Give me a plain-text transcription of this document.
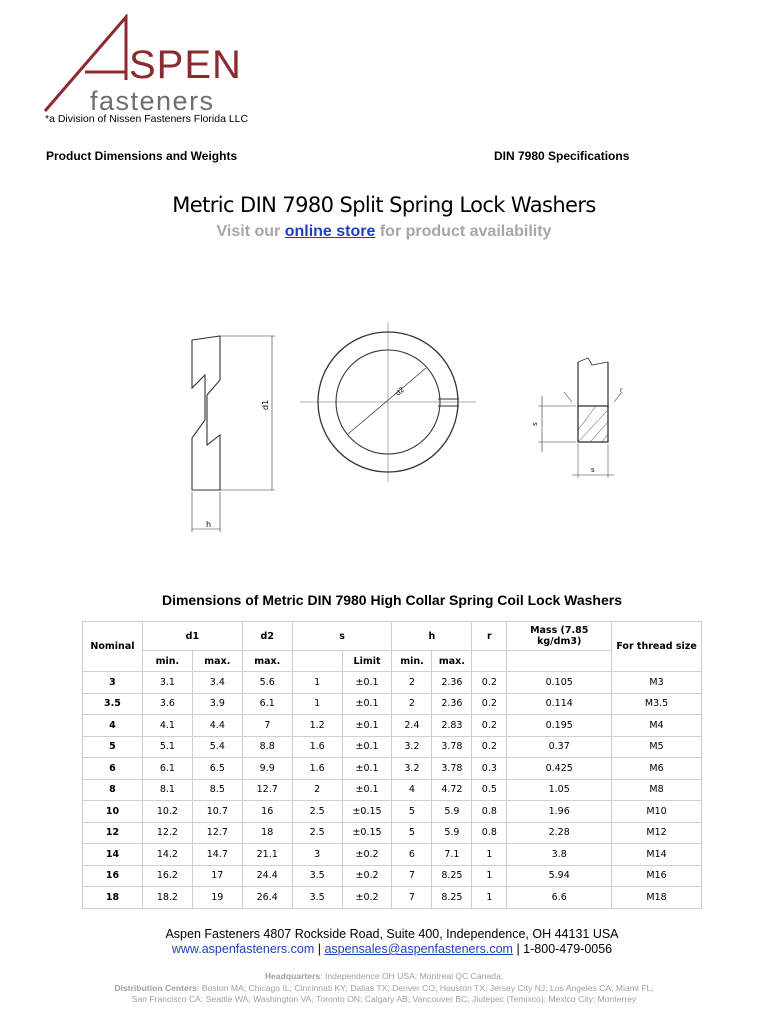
SPEN
fasteners
*a Division of Nissen Fasteners Florida LLC
Product Dimensions and Weights	DIN 7980 Specifications
Metric DIN 7980 Split Spring Lock Washers
Visit our online store for product availability
d1
h
d2
s
s
r
Dimensions of Metric DIN 7980 High Collar Spring Coil Lock Washers
Nominal	d1		d2	s		h		r	Mass (7.85 kg/dm3)	For thread size
	min.	max.	max.		Limit	min.	max.			
3	3.1	3.4	5.6	1	±0.1	2	2.36	0.2	0.105	M3
3.5	3.6	3.9	6.1	1	±0.1	2	2.36	0.2	0.114	M3.5
4	4.1	4.4	7	1.2	±0.1	2.4	2.83	0.2	0.195	M4
5	5.1	5.4	8.8	1.6	±0.1	3.2	3.78	0.2	0.37	M5
6	6.1	6.5	9.9	1.6	±0.1	3.2	3.78	0.3	0.425	M6
8	8.1	8.5	12.7	2	±0.1	4	4.72	0.5	1.05	M8
10	10.2	10.7	16	2.5	±0.15	5	5.9	0.8	1.96	M10
12	12.2	12.7	18	2.5	±0.15	5	5.9	0.8	2.28	M12
14	14.2	14.7	21.1	3	±0.2	6	7.1	1	3.8	M14
16	16.2	17	24.4	3.5	±0.2	7	8.25	1	5.94	M16
18	18.2	19	26.4	3.5	±0.2	7	8.25	1	6.6	M18
Aspen Fasteners 4807 Rockside Road, Suite 400, Independence, OH 44131 USA
www.aspenfasteners.com | aspensales@aspenfasteners.com | 1-800-479-0056
Headquarters: Independence OH USA; Montreal QC Canada;
Distribution Centers: Boston MA; Chicago IL; Cincinnati KY; Dallas TX; Denver CO; Houston TX; Jersey City NJ; Los Angeles CA; Miami FL;
San Francisco CA; Seattle WA; Washington VA; Toronto ON; Calgary AB; Vancouver BC; Jiutepec (Temixco); Mexico City; Monterrey
